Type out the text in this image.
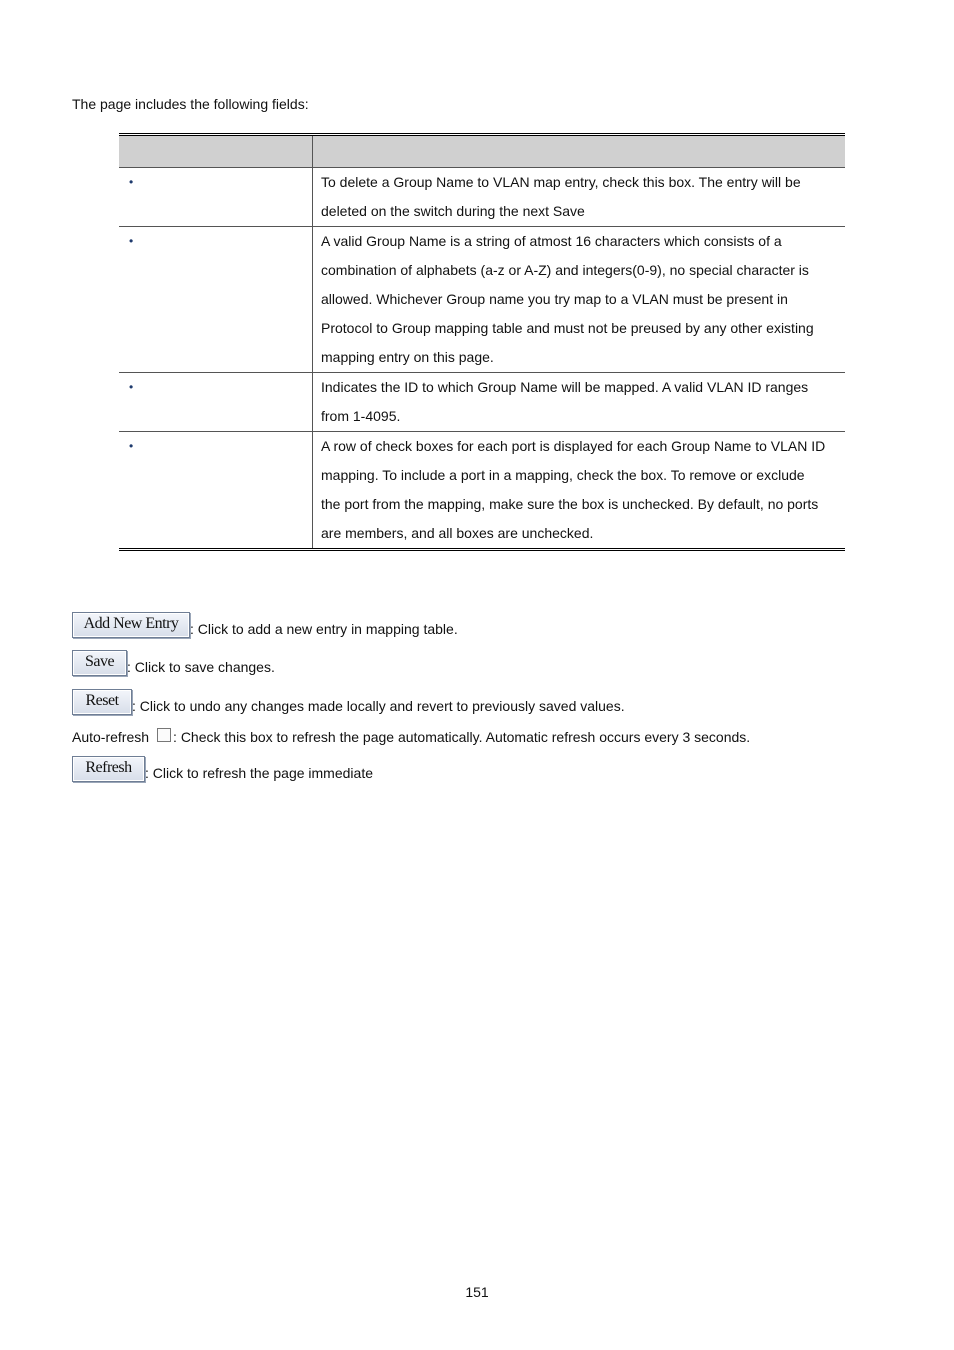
The page includes the following fields:

•	To delete a Group Name to VLAN map entry, check this box. The entry will be
deleted on the switch during the next Save

•	A valid Group Name is a string of atmost 16 characters which consists of a
combination of alphabets (a-z or A-Z) and integers(0-9), no special character is
allowed. Whichever Group name you try map to a VLAN must be present in
Protocol to Group mapping table and must not be preused by any other existing
mapping entry on this page.

•	Indicates the ID to which Group Name will be mapped. A valid VLAN ID ranges
from 1-4095.

•	A row of check boxes for each port is displayed for each Group Name to VLAN ID
mapping. To include a port in a mapping, check the box. To remove or exclude
the port from the mapping, make sure the box is unchecked. By default, no ports
are members, and all boxes are unchecked.
Add New Entry : Click to add a new entry in mapping table.
Save : Click to save changes.
Reset : Click to undo any changes made locally and revert to previously saved values.
Auto-refresh : Check this box to refresh the page automatically. Automatic refresh occurs every 3 seconds.
Refresh : Click to refresh the page immediate
151
